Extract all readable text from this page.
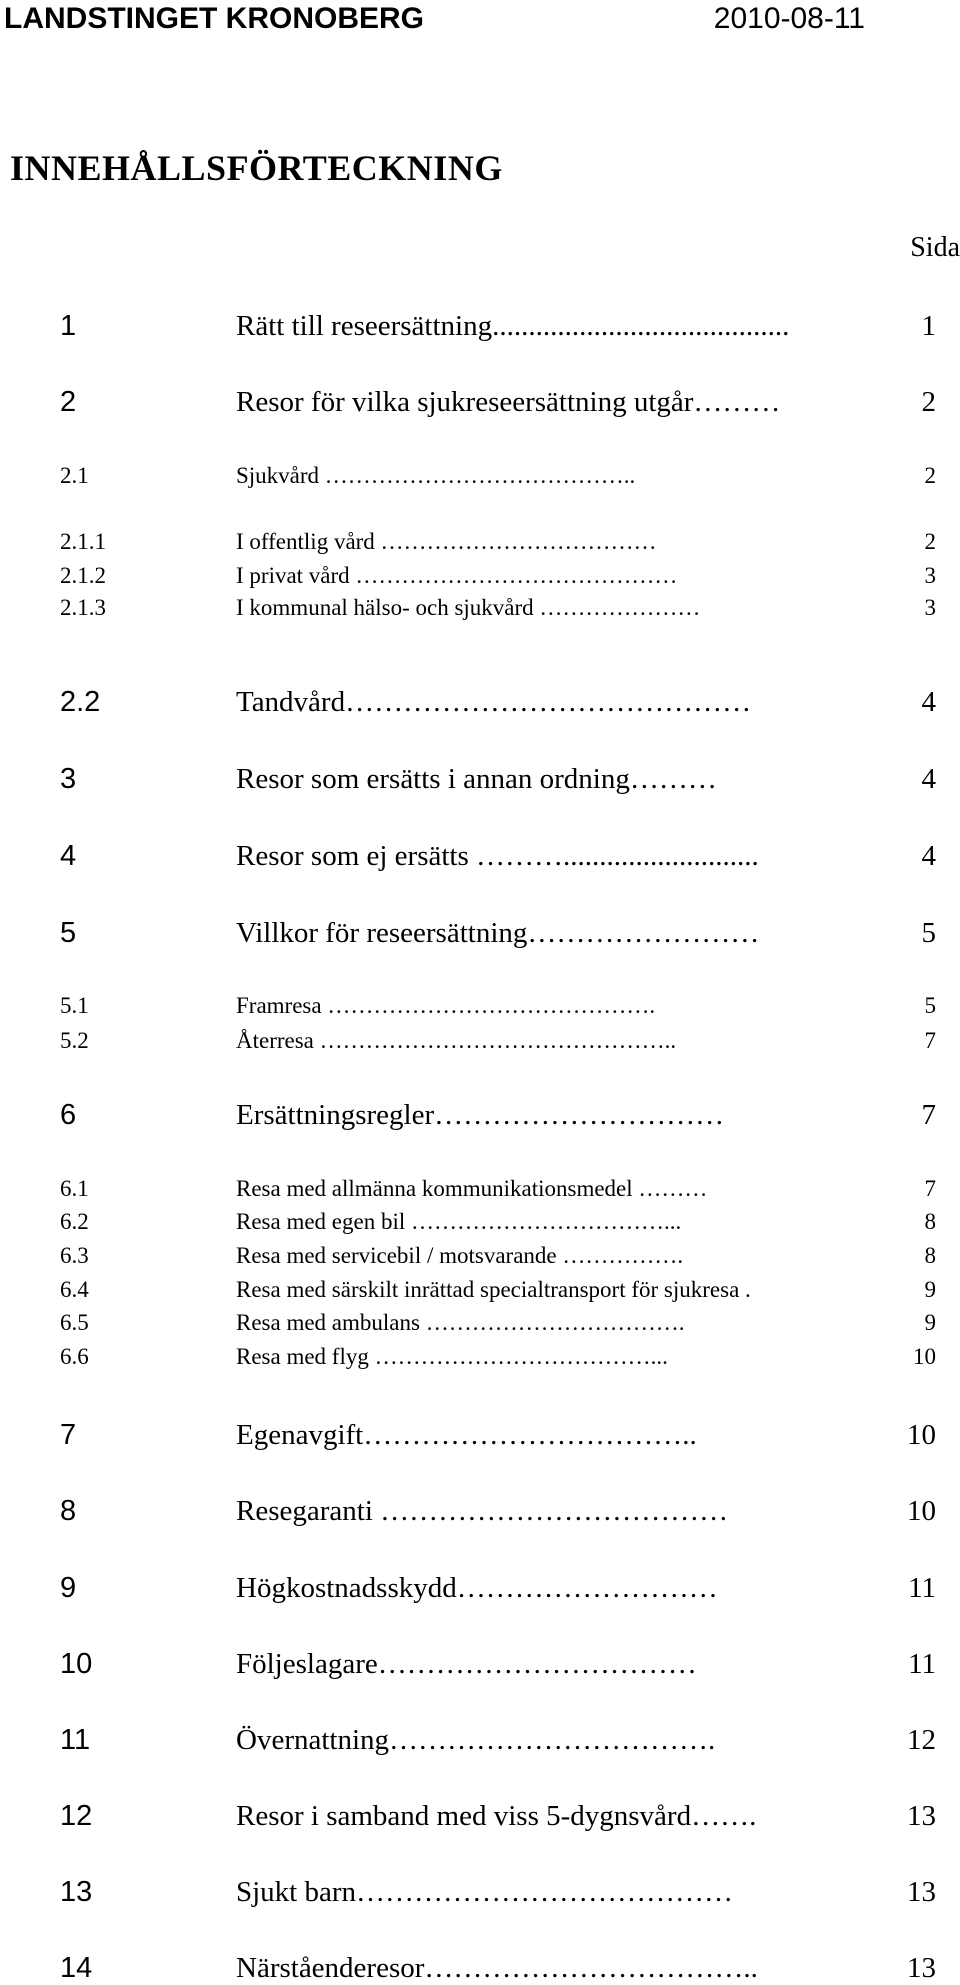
LANDSTINGET KRONOBERG	2010-08-11
INNEHÅLLSFÖRTECKNING
Sida
1	Rätt till reseersättning.........................................	1
2	Resor för vilka sjukreseersättning utgår………	2
2.1	Sjukvård …………………………………..	2
2.1.1	I offentlig vård ………………………………	2
2.1.2	I privat vård ……………………………………	3
2.1.3	I kommunal hälso- och sjukvård …………………	3
2.2	Tandvård……………………………………	4
3	Resor som ersätts i annan ordning………	4
4	Resor som ej ersätts ………...........................	4
5	Villkor för reseersättning……………………	5
5.1	Framresa …………………………………….	5
5.2	Återresa ………………………………………..	7
6	Ersättningsregler…………………………	7
6.1	Resa med allmänna kommunikationsmedel ………	7
6.2	Resa med egen bil ……………………………...	8
6.3	Resa med servicebil / motsvarande …………….	8
6.4	Resa med särskilt inrättad specialtransport för sjukresa .	9
6.5	Resa med ambulans …………………………….	9
6.6	Resa med flyg ………………………………...	10
7	Egenavgift……………………………..	10
8	Resegaranti ………………………………	10
9	Högkostnadsskydd………………………	11
10	Följeslagare……………………………	11
11	Övernattning…………………………….	12
12	Resor i samband med viss 5-dygnsvård…….	13
13	Sjukt barn…………………………………	13
14	Närståenderesor……………………………..	13
